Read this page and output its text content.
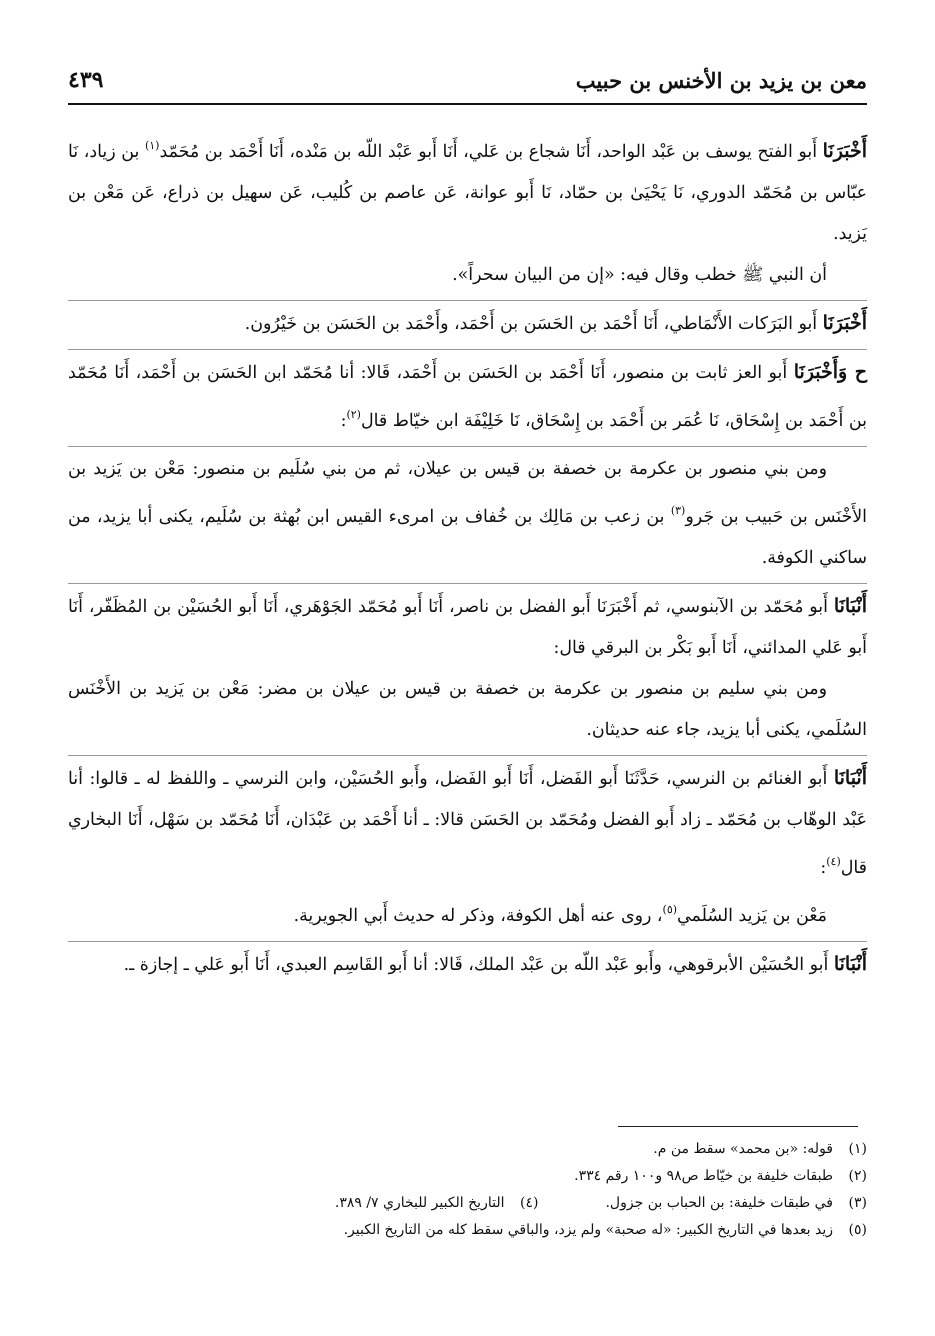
معن بن يزيد بن الأخنس بن حبيب
٤٣٩

أَخْبَرَنَا أَبو الفتح يوسف بن عَبْد الواحد، أَنَا شجاع بن عَلي، أَنَا أَبو عَبْد اللّه بن مَنْده، أَنَا أَحْمَد بن مُحَمّد$^{(١)}$ بن زياد، نَا عبّاس بن مُحَمّد الدوري، نَا يَحْيَىٰ بن حمّاد، نَا أَبو عوانة، عَن عاصم بن كُليب، عَن سهيل بن ذراع، عَن مَعْن بن يَزيد.

أن النبي ﷺ خطب وقال فيه: «إن من البيان سحراً».

أَخْبَرَنَا أَبو البَرَكات الأَنْمَاطي، أَنَا أَحْمَد بن الحَسَن بن أَحْمَد، وأَحْمَد بن الحَسَن بن خَيْرُون.

ح وَأَخْبَرَنَا أَبو العز ثابت بن منصور، أَنَا أَحْمَد بن الحَسَن بن أَحْمَد، قَالا: أنا مُحَمّد ابن الحَسَن بن أَحْمَد، أَنَا مُحَمّد بن أَحْمَد بن إِسْحَاق، نَا عُمَر بن أَحْمَد بن إِسْحَاق، نَا خَلِيْفَة ابن خيّاط قال$^{(٢)}$:

ومن بني منصور بن عكرمة بن خصفة بن قيس بن عيلان، ثم من بني سُلَيم بن منصور: مَعْن بن يَزيد بن الأَخْنَس بن حَبيب بن جَرو$^{(٣)}$ بن زعب بن مَالِك بن خُفاف بن امرىء القيس ابن بُهثة بن سُلَيم، يكنى أبا يزيد، من ساكني الكوفة.

أَنْبَانَا أَبو مُحَمّد بن الآبنوسي، ثم أَخْبَرَنَا أَبو الفضل بن ناصر، أَنَا أَبو مُحَمّد الجَوْهَري، أَنَا أَبو الحُسَيْن بن المُظَفّر، أَنَا أَبو عَلي المدائني، أَنَا أَبو بَكْر بن البرقي قال:

ومن بني سليم بن منصور بن عكرمة بن خصفة بن قيس بن عيلان بن مضر: مَعْن بن يَزيد بن الأَخْنَس السُلَمي، يكنى أبا يزيد، جاء عنه حديثان.

أَنْبَانَا أَبو الغنائم بن النرسي، حَدَّثَنَا أَبو الفَضل، أَنَا أَبو الفَضل، وأَبو الحُسَيْن، وابن النرسي ـ واللفظ له ـ قالوا: أنا عَبْد الوهّاب بن مُحَمّد ـ زاد أَبو الفضل ومُحَمّد بن الحَسَن قالا: ـ أنا أَحْمَد بن عَبْدَان، أَنَا مُحَمّد بن سَهْل، أَنَا البخاري قال$^{(٤)}$:

مَعْن بن يَزيد السُلَمي$^{(٥)}$، روى عنه أهل الكوفة، وذكر له حديث أَبي الجويرية.

أَنْبَانَا أَبو الحُسَيْن الأبرقوهي، وأَبو عَبْد اللّه بن عَبْد الملك، قَالا: أنا أَبو القَاسِم العبدي، أَنَا أَبو عَلي ـ إجازة ـ.

(١)
قوله: «بن محمد» سقط من م.
(٢)
طبقات خليفة بن خيّاط ص٩٨ و١٠٠ رقم ٣٣٤.
(٣)
في طبقات خليفة: بن الحباب بن جزول.
(٤)
التاريخ الكبير للبخاري ٧/ ٣٨٩.
(٥)
زيد بعدها في التاريخ الكبير: «له صحبة» ولم يزد، والباقي سقط كله من التاريخ الكبير.
